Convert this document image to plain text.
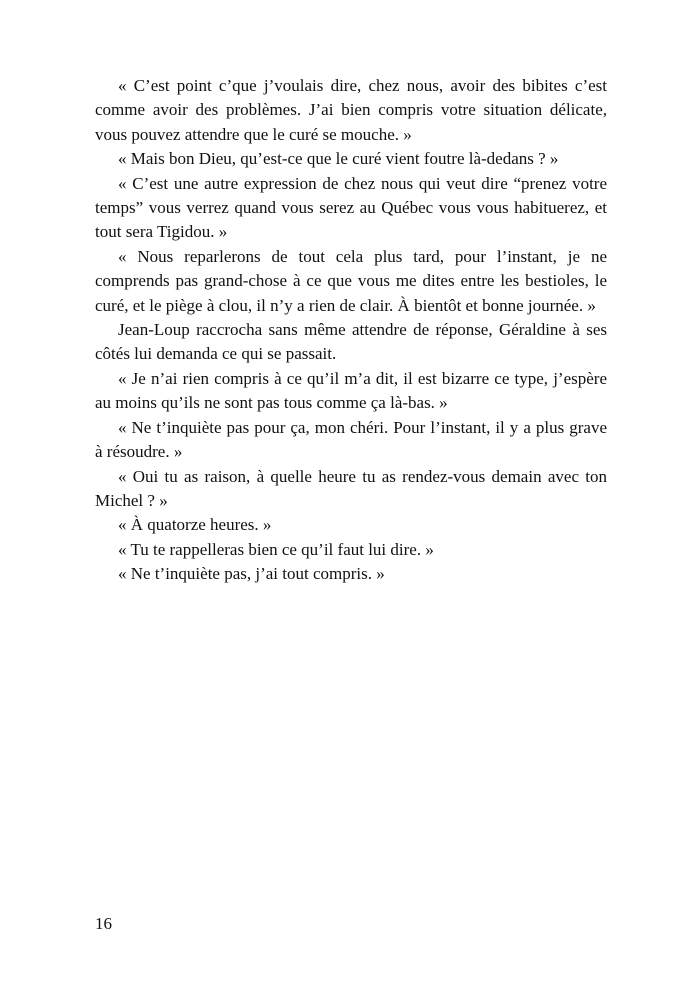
« C’est point c’que j’voulais dire, chez nous, avoir des bibites c’est comme avoir des problèmes. J’ai bien compris votre situation délicate, vous pouvez attendre que le curé se mouche. »

« Mais bon Dieu, qu’est-ce que le curé vient foutre là-dedans ? »

« C’est une autre expression de chez nous qui veut dire “prenez votre temps” vous verrez quand vous serez au Québec vous vous habituerez, et tout sera Tigidou. »

« Nous reparlerons de tout cela plus tard, pour l’instant, je ne comprends pas grand-chose à ce que vous me dites entre les bestioles, le curé, et le piège à clou, il n’y a rien de clair. À bientôt et bonne journée. »

Jean-Loup raccrocha sans même attendre de réponse, Géraldine à ses côtés lui demanda ce qui se passait.

« Je n’ai rien compris à ce qu’il m’a dit, il est bizarre ce type, j’espère au moins qu’ils ne sont pas tous comme ça là-bas. »

« Ne t’inquiète pas pour ça, mon chéri. Pour l’instant, il y a plus grave à résoudre. »

« Oui tu as raison, à quelle heure tu as rendez-vous demain avec ton Michel ? »

« À quatorze heures. »

« Tu te rappelleras bien ce qu’il faut lui dire. »

« Ne t’inquiète pas, j’ai tout compris. »

16
